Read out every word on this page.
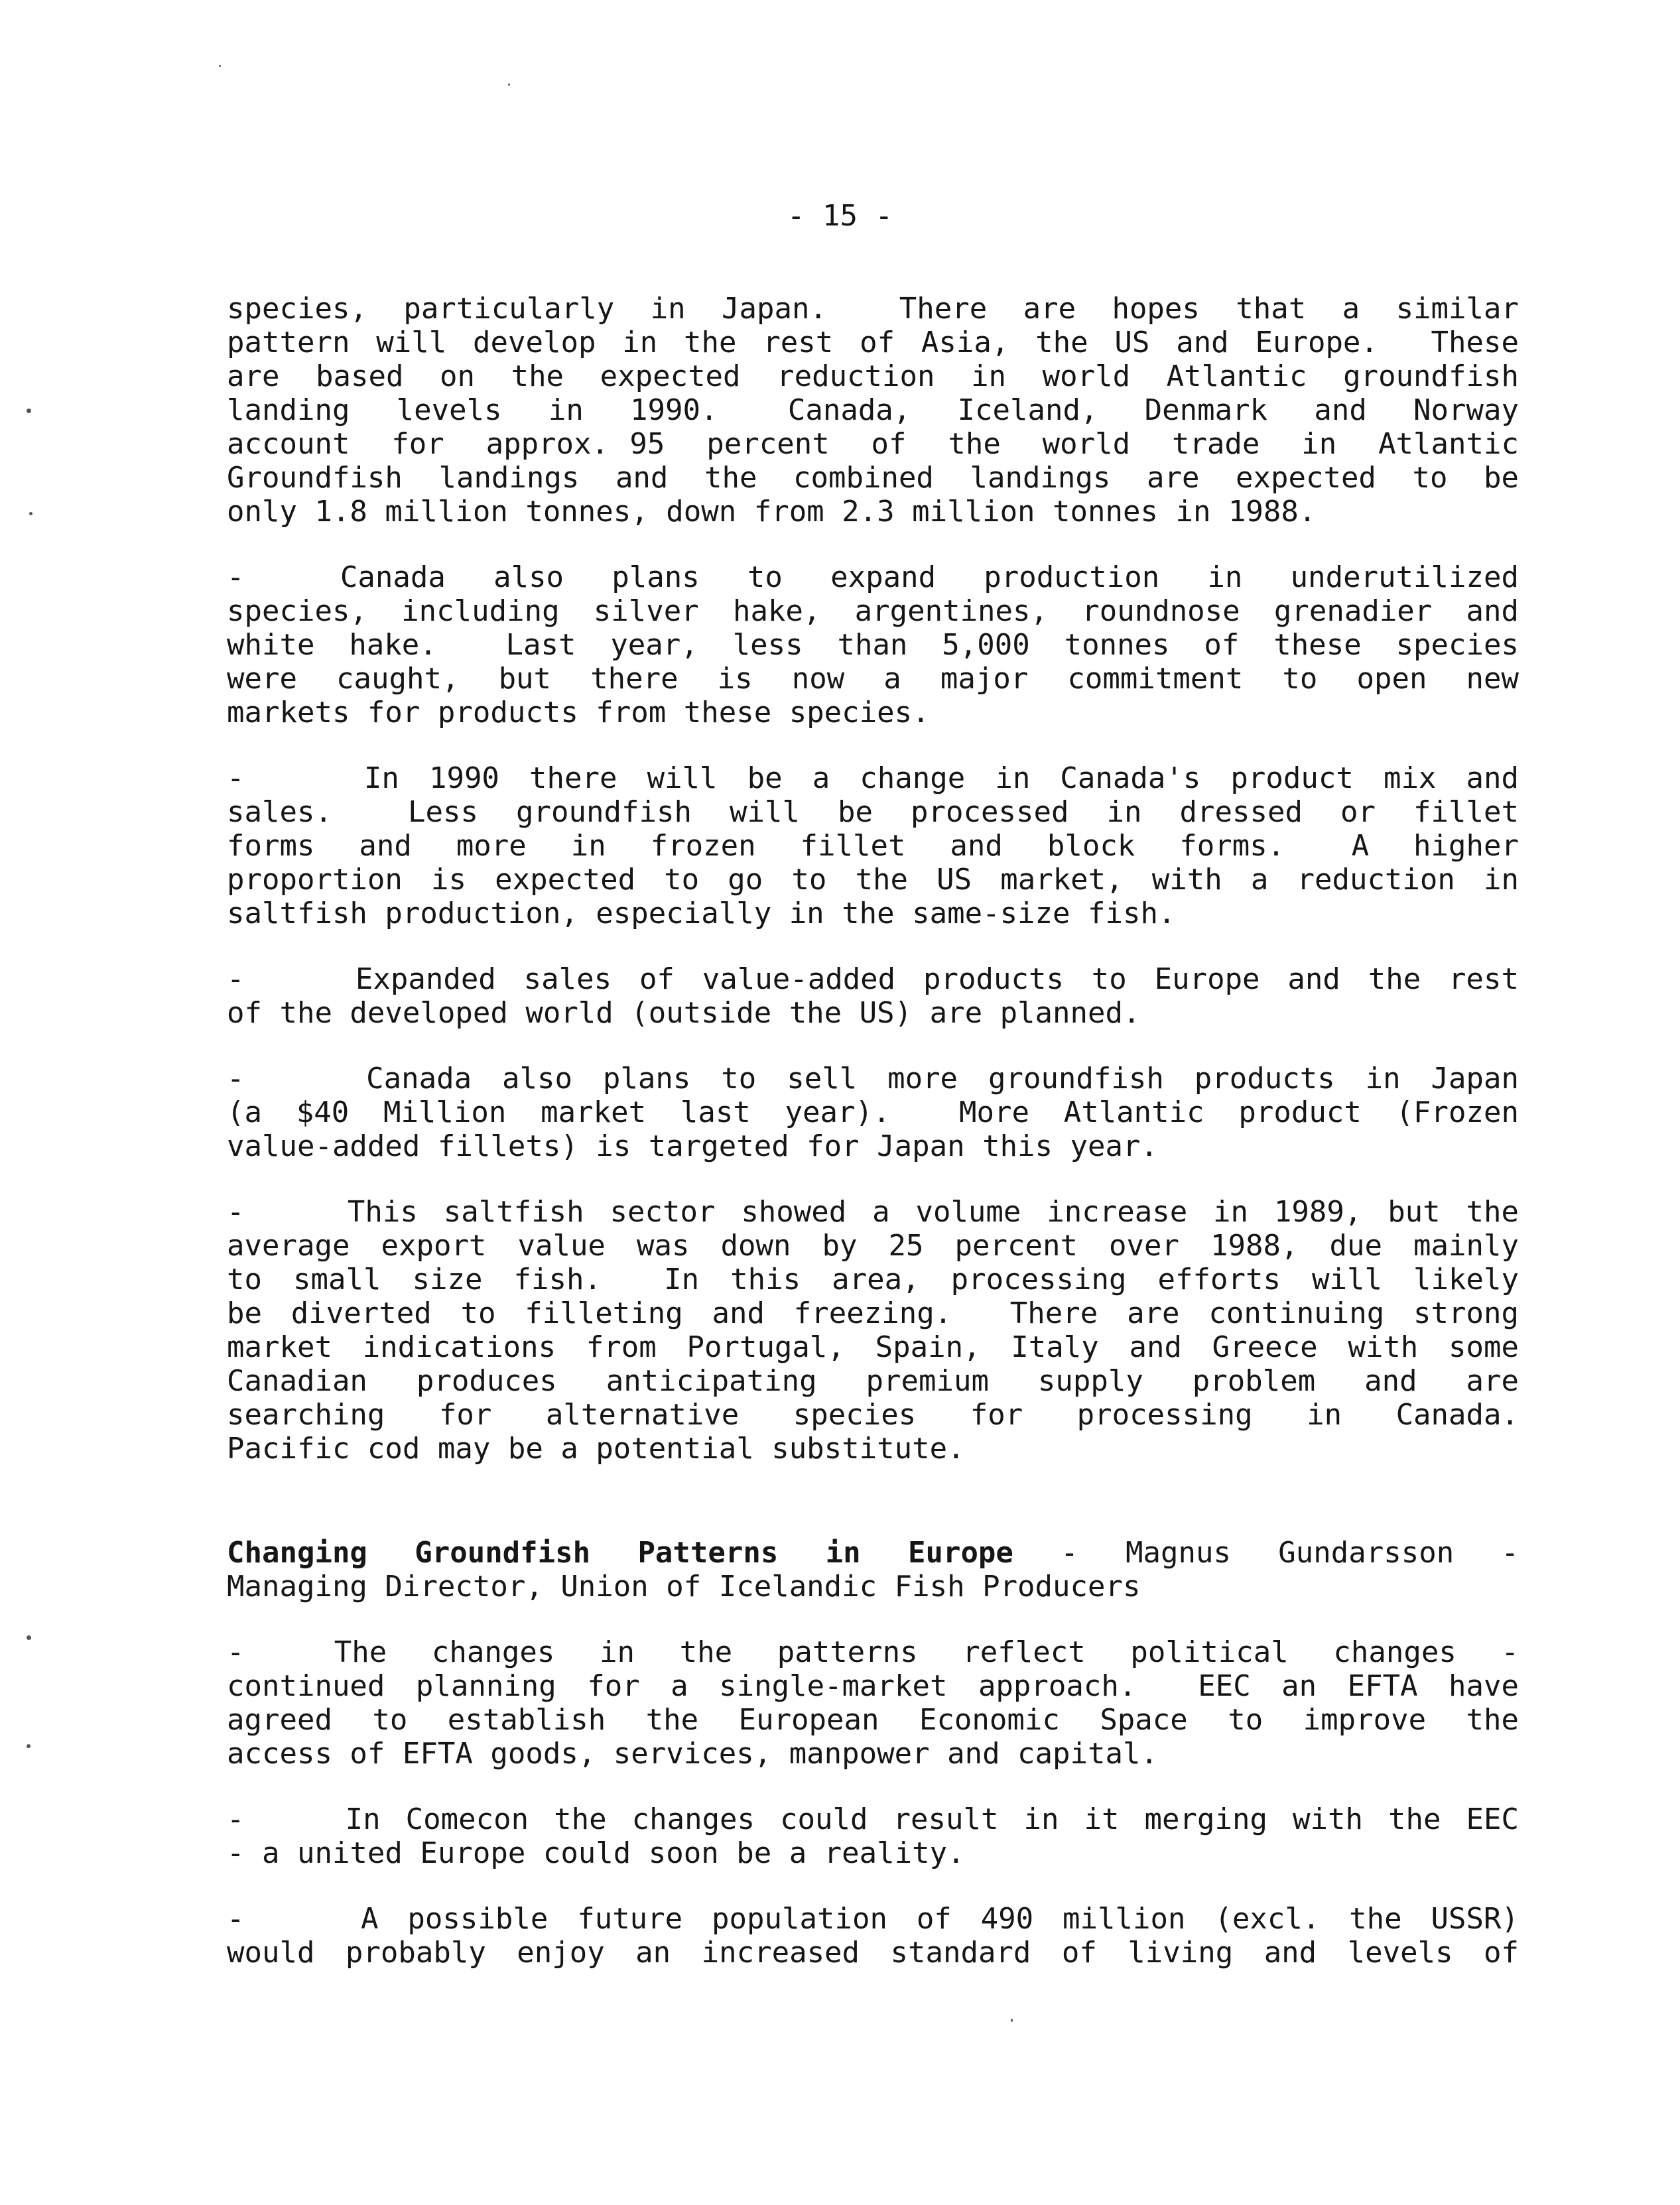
- 15 -
species, particularly in Japan.  There are hopes that a similar
pattern will develop in the rest of Asia, the US and Europe.  These
are based on the expected reduction in world Atlantic groundfish
landing  levels  in  1990.   Canada,  Iceland,  Denmark  and  Norway
account  for  approx. 95  percent  of  the  world  trade  in  Atlantic
Groundfish landings and the combined landings are expected to be
only 1.8 million tonnes, down from 2.3 million tonnes in 1988.
-    Canada  also  plans  to  expand  production  in  underutilized
species, including silver hake, argentines, roundnose grenadier and
white hake.  Last year, less than 5,000 tonnes of these species
were caught, but there is now a major commitment to open new
markets for products from these species.
-    In 1990 there will be a change in Canada's product mix and
sales.  Less groundfish will be processed in dressed or fillet
forms  and  more  in  frozen  fillet  and  block  forms.   A  higher
proportion is expected to go to the US market, with a reduction in
saltfish production, especially in the same-size fish.
-    Expanded sales of value-added products to Europe and the rest
of the developed world (outside the US) are planned.
-    Canada also plans to sell more groundfish products in Japan
(a $40 Million market last year).  More Atlantic product (Frozen
value-added fillets) is targeted for Japan this year.
-    This saltfish sector showed a volume increase in 1989, but the
average export value was down by 25 percent over 1988, due mainly
to small size fish.  In this area, processing efforts will likely
be diverted to filleting and freezing.  There are continuing strong
market indications from Portugal, Spain, Italy and Greece with some
Canadian  produces  anticipating  premium  supply  problem  and  are
searching  for  alternative  species  for  processing  in  Canada.
Pacific cod may be a potential substitute.
Changing Groundfish Patterns in Europe - Magnus Gundarsson -
Managing Director, Union of Icelandic Fish Producers
-    The  changes  in  the  patterns  reflect  political  changes  -
continued planning for a single-market approach.  EEC an EFTA have
agreed to establish the European Economic Space to improve the
access of EFTA goods, services, manpower and capital.
-    In Comecon the changes could result in it merging with the EEC
- a united Europe could soon be a reality.
-    A possible future population of 490 million (excl. the USSR)
would probably enjoy an increased standard of living and levels of
